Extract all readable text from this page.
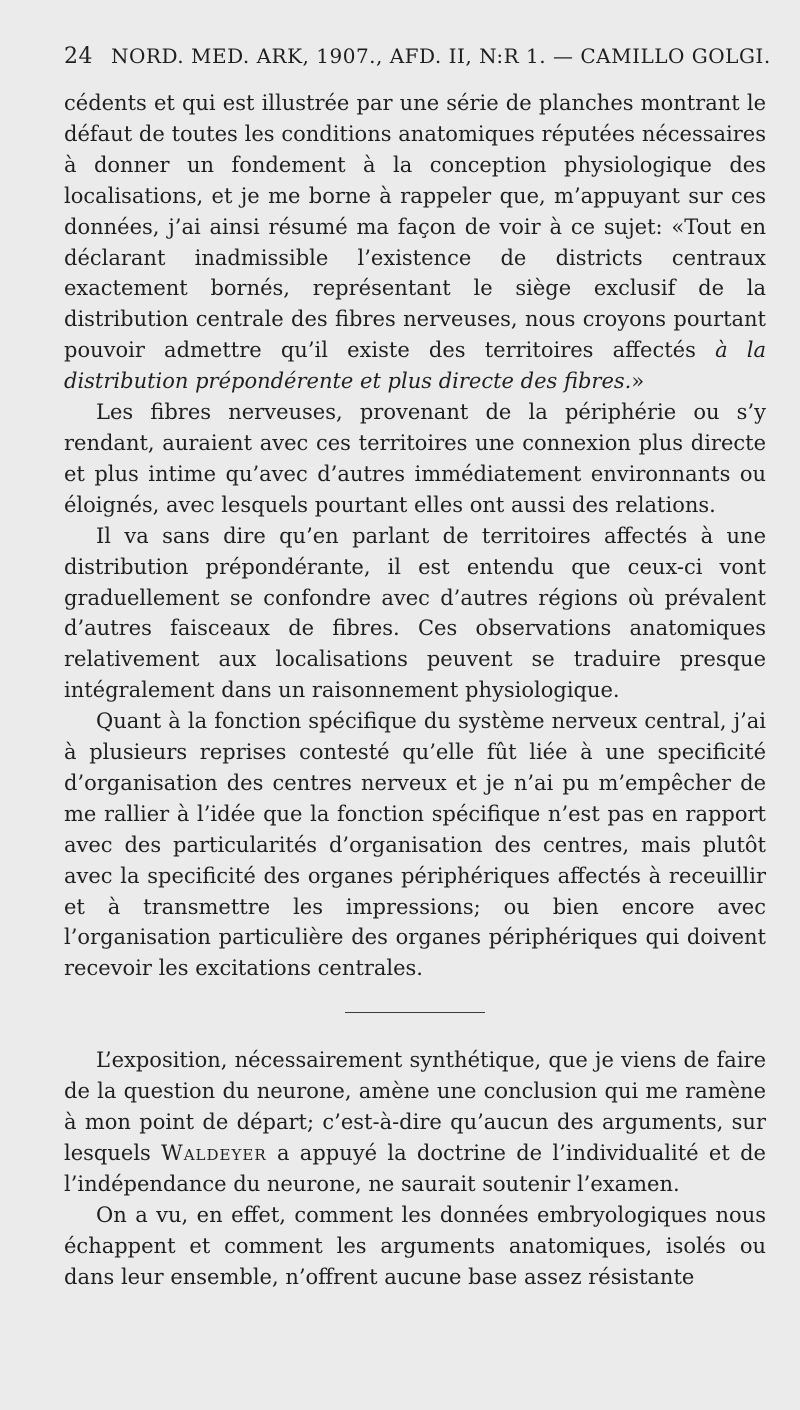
24 NORD. MED. ARK, 1907., AFD. II, N:R 1. — CAMILLO GOLGI.

cédents et qui est illustrée par une série de planches montrant le défaut de toutes les conditions anatomiques réputées nécessaires à donner un fondement à la conception physiologique des localisations, et je me borne à rappeler que, m’appuyant sur ces données, j’ai ainsi résumé ma façon de voir à ce sujet: «Tout en déclarant inadmissible l’existence de districts centraux exactement bornés, représentant le siège exclusif de la distribution centrale des fibres nerveuses, nous croyons pourtant pouvoir admettre qu’il existe des territoires affectés à la distribution prépondérente et plus directe des fibres.»

Les fibres nerveuses, provenant de la périphérie ou s’y rendant, auraient avec ces territoires une connexion plus directe et plus intime qu’avec d’autres immédiatement environnants ou éloignés, avec lesquels pourtant elles ont aussi des relations.

Il va sans dire qu’en parlant de territoires affectés à une distribution prépondérante, il est entendu que ceux-ci vont graduellement se confondre avec d’autres régions où prévalent d’autres faisceaux de fibres. Ces observations anatomiques relativement aux localisations peuvent se traduire presque intégralement dans un raisonnement physiologique.

Quant à la fonction spécifique du système nerveux central, j’ai à plusieurs reprises contesté qu’elle fût liée à une specificité d’organisation des centres nerveux et je n’ai pu m’empêcher de me rallier à l’idée que la fonction spécifique n’est pas en rapport avec des particularités d’organisation des centres, mais plutôt avec la specificité des organes périphériques affectés à receuillir et à transmettre les impressions; ou bien encore avec l’organisation particulière des organes périphériques qui doivent recevoir les excitations centrales.

L’exposition, nécessairement synthétique, que je viens de faire de la question du neurone, amène une conclusion qui me ramène à mon point de départ; c’est-à-dire qu’aucun des arguments, sur lesquels Waldeyer a appuyé la doctrine de l’individualité et de l’indépendance du neurone, ne saurait soutenir l’examen.

On a vu, en effet, comment les données embryologiques nous échappent et comment les arguments anatomiques, isolés ou dans leur ensemble, n’offrent aucune base assez résistante
